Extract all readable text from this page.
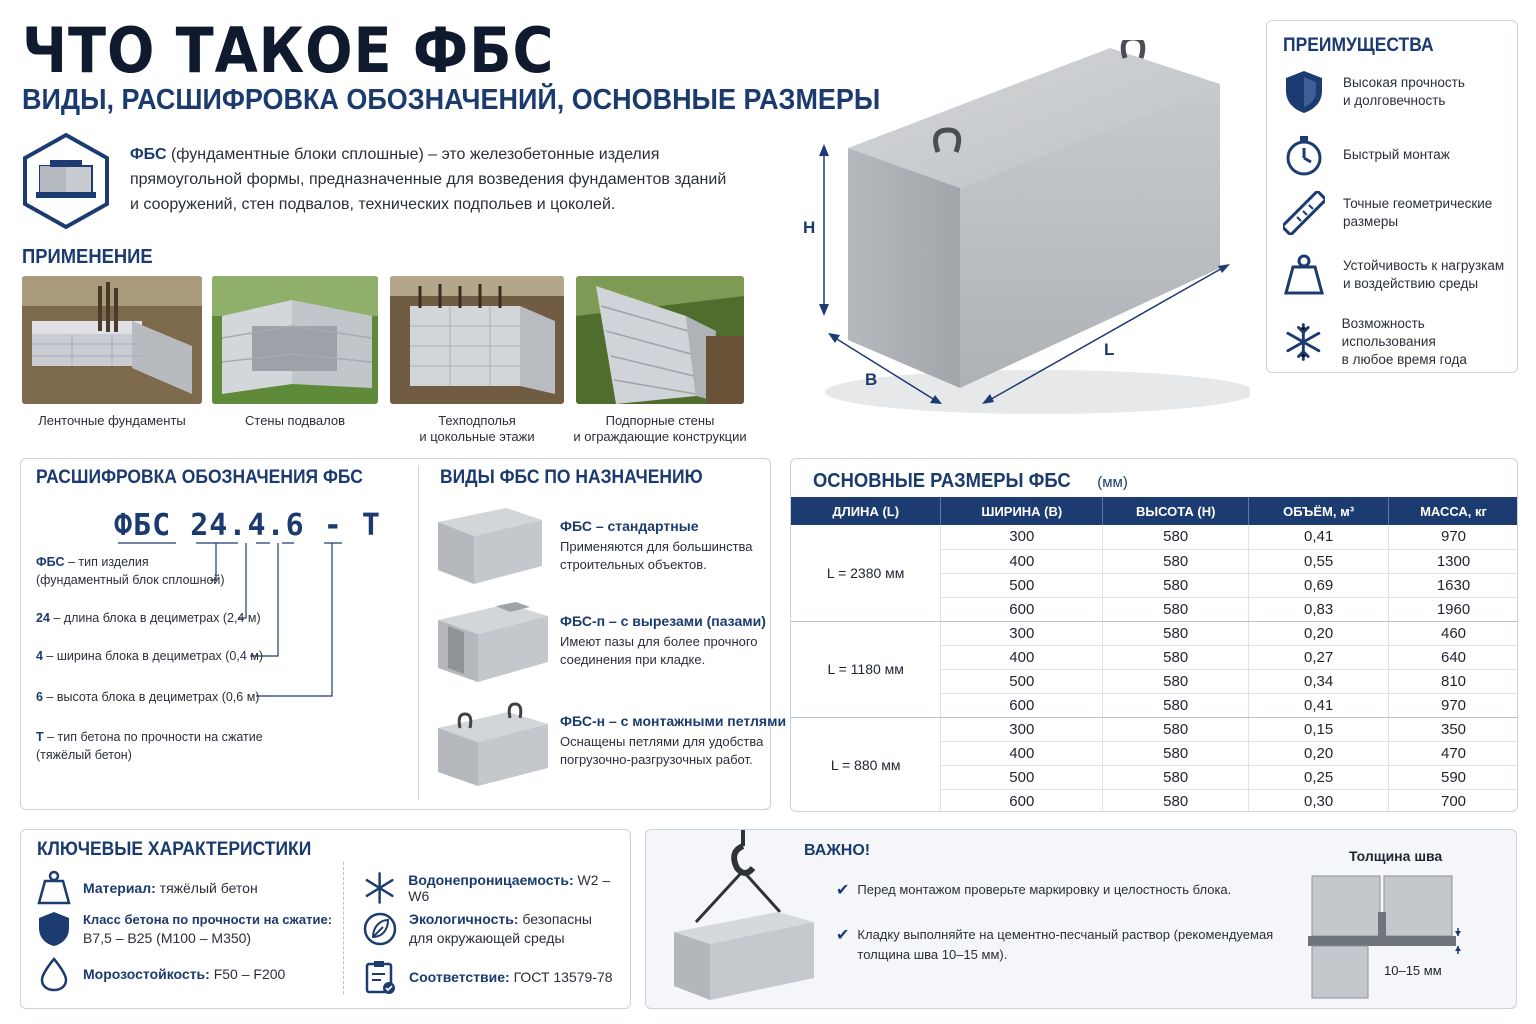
ЧТО ТАКОЕ ФБС
ВИДЫ, РАСШИФРОВКА ОБОЗНАЧЕНИЙ, ОСНОВНЫЕ РАЗМЕРЫ
ФБС (фундаментные блоки сплошные) – это железобетонные изделия прямоугольной формы, предназначенные для возведения фундаментов зданий и сооружений, стен подвалов, технических подпольев и цоколей.
ПРИМЕНЕНИЕ
Ленточные фундаменты	Стены подвалов	Техподполья
и цокольные этажи
Подпорные стены
и ограждающие конструкции
H
B
L
ПРЕИМУЩЕСТВА
Высокая прочность
и долговечность
Быстрый монтаж
Точные геометрические
размеры
Устойчивость к нагрузкам
и воздействию среды
Возможность использования
в любое время года
РАСШИФРОВКА ОБОЗНАЧЕНИЯ ФБС
ФБС 24.4.6 - Т
ФБС – тип изделия
(фундаментный блок сплошной)
24 – длина блока в дециметрах (2,4 м)
4 – ширина блока в дециметрах (0,4 м)
6 – высота блока в дециметрах (0,6 м)
Т – тип бетона по прочности на сжатие
(тяжёлый бетон)
ВИДЫ ФБС ПО НАЗНАЧЕНИЮ
ФБС – стандартные
Применяются для большинства
строительных объектов.
ФБС-п – с вырезами (пазами)
Имеют пазы для более прочного
соединения при кладке.
ФБС-н – с монтажными петлями
Оснащены петлями для удобства
погрузочно-разгрузочных работ.
ОСНОВНЫЕ РАЗМЕРЫ ФБС (мм)
ДЛИНА (L)	ШИРИНА (B)	ВЫСОТА (H)	ОБЪЁМ, м³	МАССА, кг
L = 2380 мм	300	580	0,41	970
	400	580	0,55	1300
	500	580	0,69	1630
	600	580	0,83	1960
L = 1180 мм	300	580	0,20	460
	400	580	0,27	640
	500	580	0,34	810
	600	580	0,41	970
L = 880 мм	300	580	0,15	350
	400	580	0,20	470
	500	580	0,25	590
	600	580	0,30	700
КЛЮЧЕВЫЕ ХАРАКТЕРИСТИКИ
Материал: тяжёлый бетон
Класс бетона по прочности на сжатие:
В7,5 – В25 (М100 – М350)
Морозостойкость: F50 – F200
Водонепроницаемость: W2 – W6
Экологичность: безопасны
для окружающей среды
Соответствие: ГОСТ 13579-78
ВАЖНО!
✔ Перед монтажом проверьте маркировку и целостность блока.
✔ Кладку выполняйте на цементно-песчаный раствор (рекомендуемая
толщина шва 10–15 мм).
Толщина шва
10–15 мм
